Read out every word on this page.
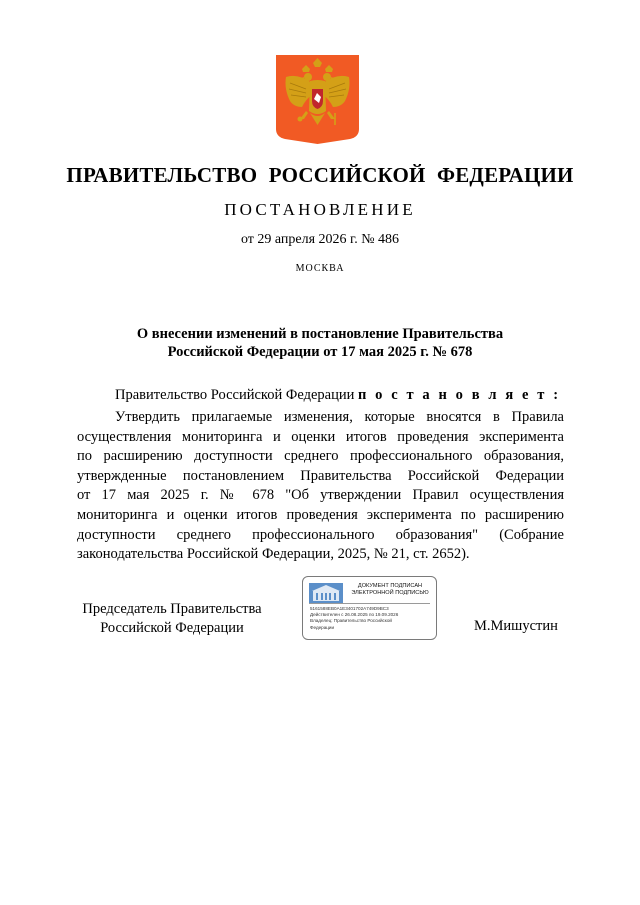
ПРАВИТЕЛЬСТВО РОССИЙСКОЙ ФЕДЕРАЦИИ
ПОСТАНОВЛЕНИЕ
от 29 апреля 2026 г. № 486
МОСКВА
О внесении изменений в постановление Правительства
Российской Федерации от 17 мая 2025 г. № 678
Правительство Российской Федерации п о с т а н о в л я е т :
Утвердить прилагаемые изменения, которые вносятся в Правила
осуществления мониторинга и оценки итогов проведения эксперимента
по расширению доступности среднего профессионального образования,
утвержденные постановлением Правительства Российской Федерации
от 17 мая 2025 г. № 678 "Об утверждении Правил осуществления
мониторинга и оценки итогов проведения эксперимента по расширению
доступности среднего профессионального образования" (Собрание
законодательства Российской Федерации, 2025, № 21, ст. 2652).
Председатель Правительства
Российской Федерации
ДОКУМЕНТ ПОДПИСАН
ЭЛЕКТРОННОЙ ПОДПИСЬЮ
5161588EB0A1E3401702A749D9BC3
Действителен с 26.08.2025 по 19.09.2026
Владелец: Правительство Российской
Федерации	М.Мишустин
